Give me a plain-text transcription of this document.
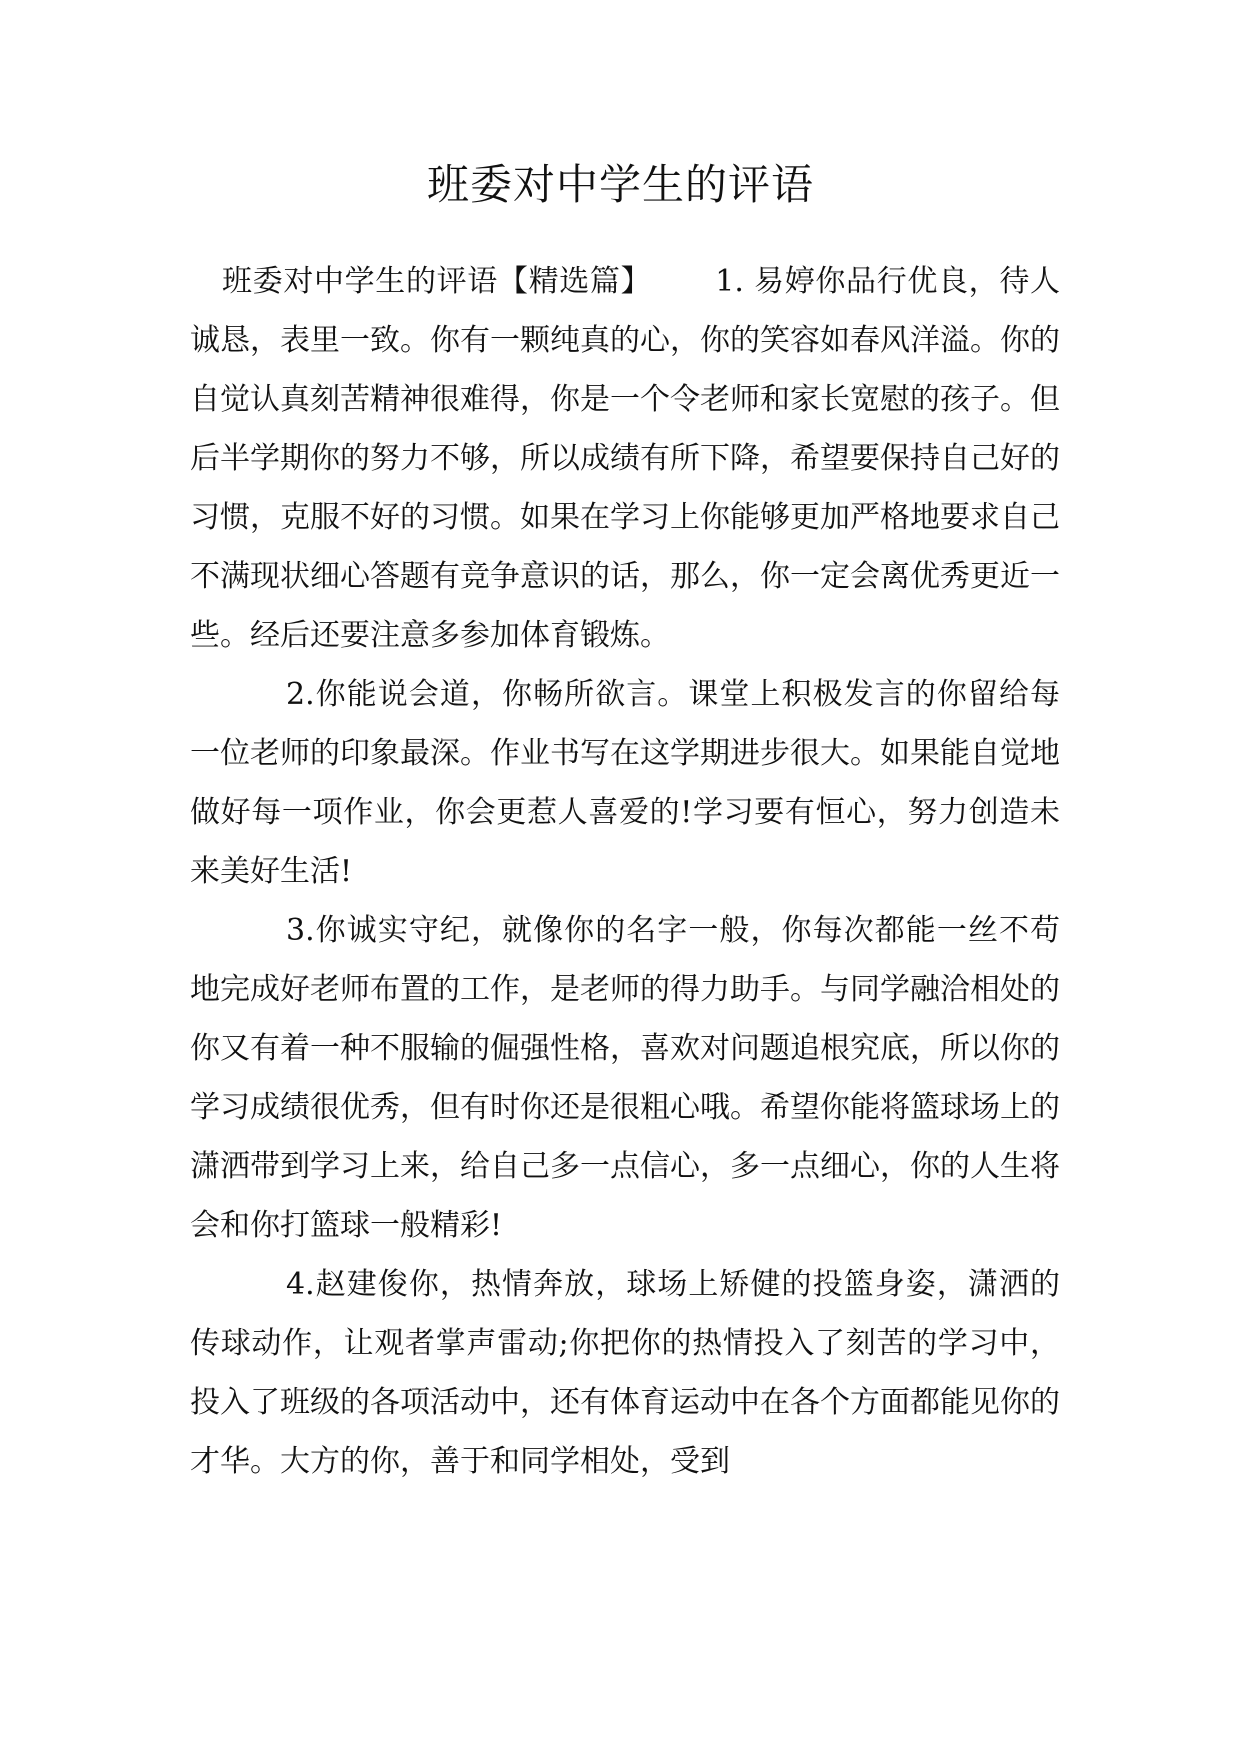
班委对中学生的评语

班委对中学生的评语【精选篇】 1. 易婷你品行优良，待人诚恳，表里一致。你有一颗纯真的心，你的笑容如春风洋溢。你的自觉认真刻苦精神很难得，你是一个令老师和家长宽慰的孩子。但后半学期你的努力不够，所以成绩有所下降，希望要保持自己好的习惯，克服不好的习惯。如果在学习上你能够更加严格地要求自己不满现状细心答题有竞争意识的话，那么，你一定会离优秀更近一些。经后还要注意多参加体育锻炼。

2.你能说会道，你畅所欲言。课堂上积极发言的你留给每一位老师的印象最深。作业书写在这学期进步很大。如果能自觉地做好每一项作业，你会更惹人喜爱的!学习要有恒心，努力创造未来美好生活!

3.你诚实守纪，就像你的名字一般，你每次都能一丝不苟地完成好老师布置的工作，是老师的得力助手。与同学融洽相处的你又有着一种不服输的倔强性格，喜欢对问题追根究底，所以你的学习成绩很优秀，但有时你还是很粗心哦。希望你能将篮球场上的潇洒带到学习上来，给自己多一点信心，多一点细心，你的人生将会和你打篮球一般精彩!

4.赵建俊你，热情奔放，球场上矫健的投篮身姿，潇洒的传球动作，让观者掌声雷动;你把你的热情投入了刻苦的学习中，投入了班级的各项活动中，还有体育运动中在各个方面都能见你的才华。大方的你，善于和同学相处，受到
